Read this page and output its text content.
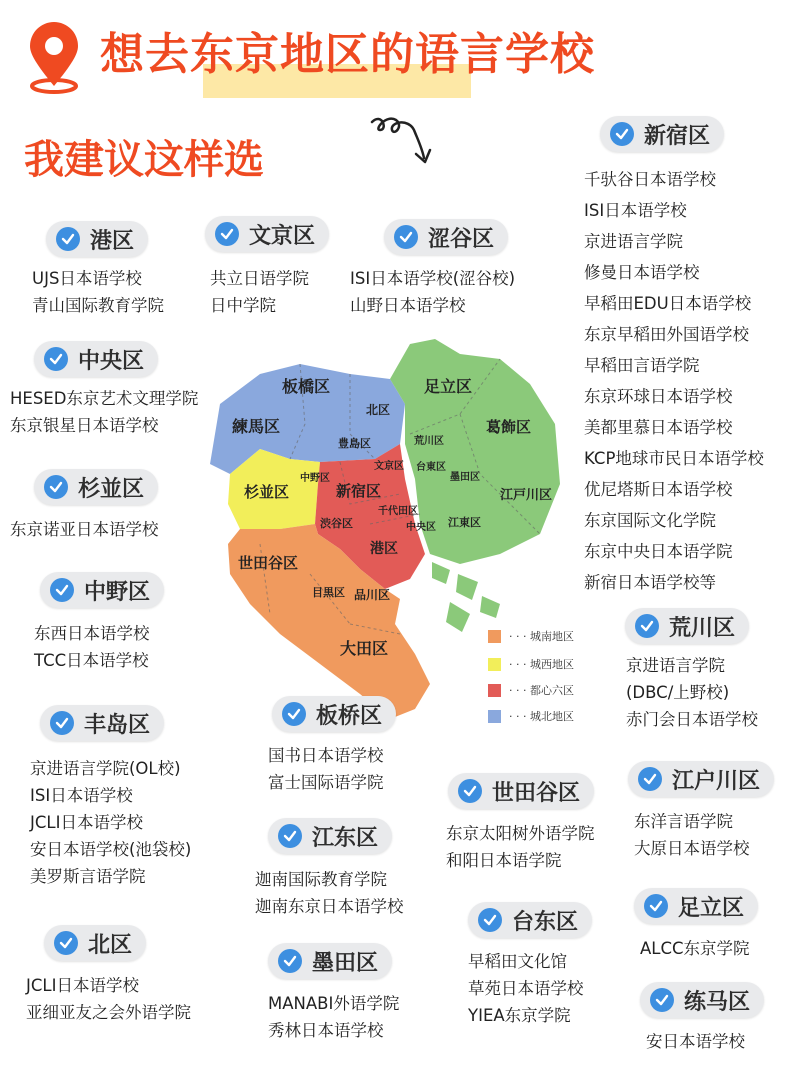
想去东京地区的语言学校
我建议这样选
板橋区
練馬区
北区
豊島区
足立区
荒川区
葛飾区
中野区
杉並区	新宿区
文京区 台東区
墨田区
江戸川区
千代田区
渋谷区	中央区 江東区
港区
世田谷区
目黒区 品川区
大田区
· · · 城南地区
· · · 城西地区
· · · 都心六区
· · · 城北地区
港区
UJS日本语学校
青山国际教育学院
文京区
共立日语学院
日中学院
涩谷区
ISI日本语学校(涩谷校)
山野日本语学校
新宿区
千驮谷日本语学校
ISI日本语学校
京进语言学院
修曼日本语学校
早稻田EDU日本语学校
东京早稻田外国语学校
早稻田言语学院
东京环球日本语学校
美都里慕日本语学校
KCP地球市民日本语学校
优尼塔斯日本语学校
东京国际文化学院
东京中央日本语学院
新宿日本语学校等
中央区
HESED东京艺术文理学院
东京银星日本语学校
杉並区
东京诺亚日本语学校
中野区
东西日本语学校
TCC日本语学校
荒川区
京进语言学院
(DBC/上野校)
赤门会日本语学校
丰岛区
京进语言学院(OL校)
ISI日本语学校
JCLI日本语学校
安日本语学校(池袋校)
美罗斯言语学院
板桥区
国书日本语学校
富士国际语学院	世田谷区
东京太阳树外语学院
和阳日本语学院
江户川区
东洋言语学院
大原日本语学校
江东区
迦南国际教育学院
迦南东京日本语学校
北区
JCLI日本语学校
亚细亚友之会外语学院
墨田区
MANABI外语学院
秀林日本语学校
台东区
早稻田文化馆
草苑日本语学校
YIEA东京学院
足立区
ALCC东京学院
练马区
安日本语学校
